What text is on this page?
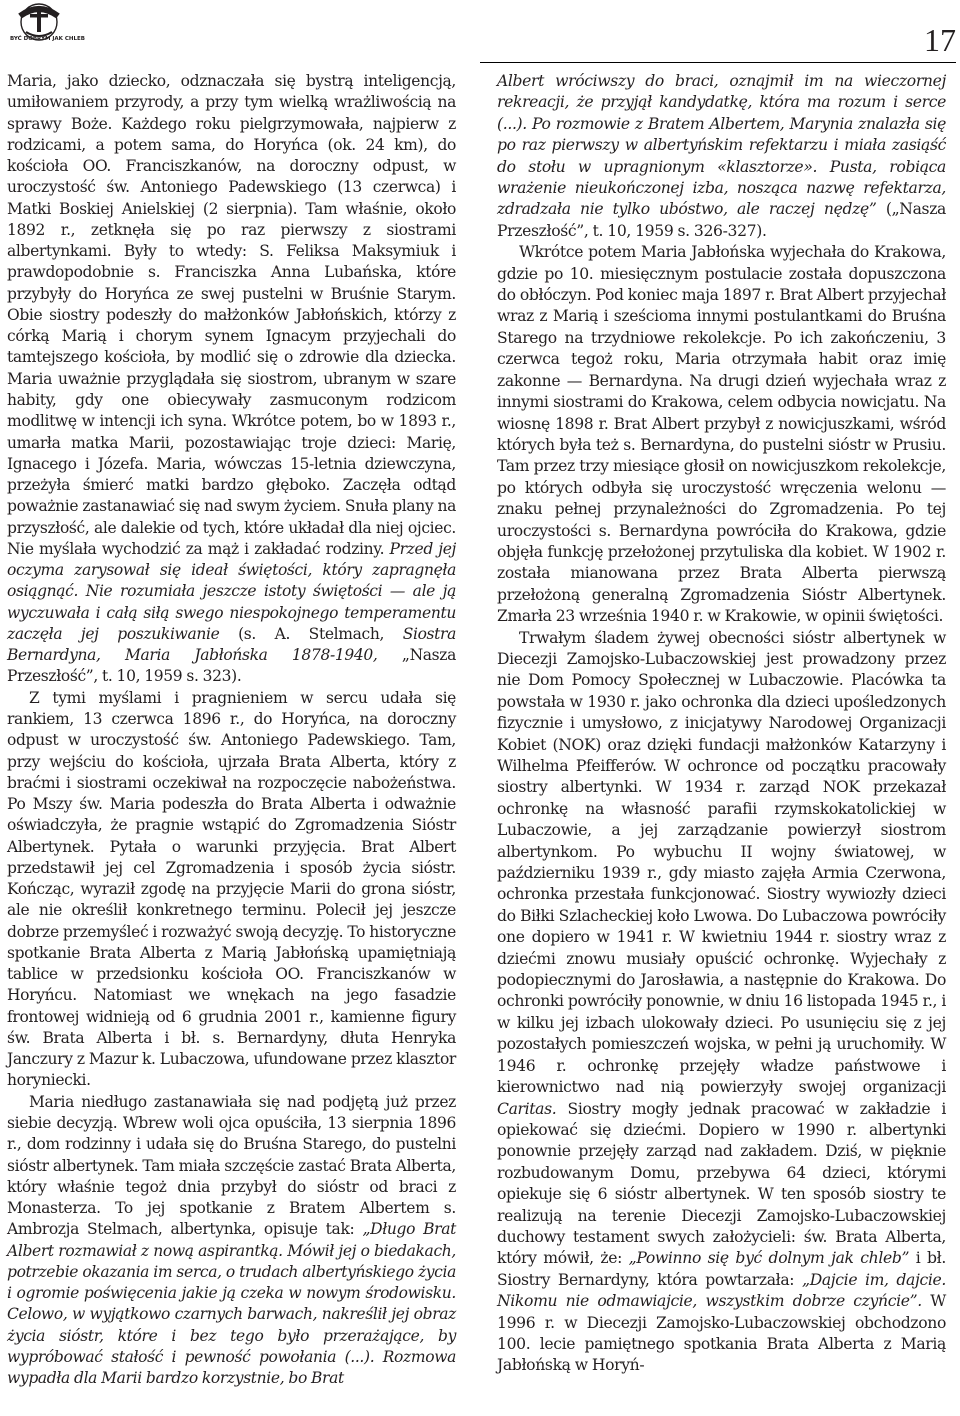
BYĆ DOBRYM JAK CHLEB	17

Maria, jako dziecko, odznaczała się bystrą inteligencją, umiłowaniem przyrody, a przy tym wielką wrażliwością na sprawy Boże. Każdego roku pielgrzymowała, najpierw z rodzicami, a potem sama, do Horyńca (ok. 24 km), do kościoła OO. Franciszkanów, na doroczny odpust, w uroczystość św. Antoniego Padewskiego (13 czerwca) i Matki Boskiej Anielskiej (2 sierpnia). Tam właśnie, około 1892 r., zetknęła się po raz pierwszy z siostrami albertynkami. Były to wtedy: S. Feliksa Maksymiuk i prawdopodobnie s. Franciszka Anna Lubańska, które przybyły do Horyńca ze swej pustelni w Bruśnie Starym. Obie siostry podeszły do małżonków Jabłońskich, którzy z córką Marią i chorym synem Ignacym przyjechali do tamtejszego kościoła, by modlić się o zdrowie dla dziecka. Maria uważnie przyglądała się siostrom, ubranym w szare habity, gdy one obiecywały zasmuconym rodzicom modlitwę w intencji ich syna. Wkrótce potem, bo w 1893 r., umarła matka Marii, pozostawiając troje dzieci: Marię, Ignacego i Józefa. Maria, wówczas 15-letnia dziewczyna, przeżyła śmierć matki bardzo głęboko. Zaczęła odtąd poważnie zastanawiać się nad swym życiem. Snuła plany na przyszłość, ale dalekie od tych, które układał dla niej ojciec. Nie myślała wychodzić za mąż i zakładać rodziny. Przed jej oczyma zarysował się ideał świętości, który zapragnęła osiągnąć. Nie rozumiała jeszcze istoty świętości — ale ją wyczuwała i całą siłą swego niespokojnego temperamentu zaczęła jej poszukiwanie (s. A. Stelmach, Siostra Bernardyna, Maria Jabłońska 1878-1940, „Nasza Przeszłość”, t. 10, 1959 s. 323).

Z tymi myślami i pragnieniem w sercu udała się rankiem, 13 czerwca 1896 r., do Horyńca, na doroczny odpust w uroczystość św. Antoniego Padewskiego. Tam, przy wejściu do kościoła, ujrzała Brata Alberta, który z braćmi i siostrami oczekiwał na rozpoczęcie nabożeństwa. Po Mszy św. Maria podeszła do Brata Alberta i odważnie oświadczyła, że pragnie wstąpić do Zgromadzenia Sióstr Albertynek. Pytała o warunki przyjęcia. Brat Albert przedstawił jej cel Zgromadzenia i sposób życia sióstr. Kończąc, wyraził zgodę na przyjęcie Marii do grona sióstr, ale nie określił konkretnego terminu. Polecił jej jeszcze dobrze przemyśleć i rozważyć swoją decyzję. To historyczne spotkanie Brata Alberta z Marią Jabłońską upamiętniają tablice w przedsionku kościoła OO. Franciszkanów w Horyńcu. Natomiast we wnękach na jego fasadzie frontowej widnieją od 6 grudnia 2001 r., kamienne figury św. Brata Alberta i bł. s. Bernardyny, dłuta Henryka Janczury z Mazur k. Lubaczowa, ufundowane przez klasztor horyniecki.

Maria niedługo zastanawiała się nad podjętą już przez siebie decyzją. Wbrew woli ojca opuściła, 13 sierpnia 1896 r., dom rodzinny i udała się do Bruśna Starego, do pustelni sióstr albertynek. Tam miała szczęście zastać Brata Alberta, który właśnie tegoż dnia przybył do sióstr od braci z Monasterza. To jej spotkanie z Bratem Albertem s. Ambrozja Stelmach, albertynka, opisuje tak: „Długo Brat Albert rozmawiał z nową aspirantką. Mówił jej o biedakach, potrzebie okazania im serca, o trudach albertyńskiego życia i ogromie poświęcenia jakie ją czeka w nowym środowisku. Celowo, w wyjątkowo czarnych barwach, nakreślił jej obraz życia sióstr, które i bez tego było przerażające, by wypróbować stałość i pewność powołania (...). Rozmowa wypadła dla Marii bardzo korzystnie, bo Brat

Albert wróciwszy do braci, oznajmił im na wieczornej rekreacji, że przyjął kandydatkę, która ma rozum i serce (...). Po rozmowie z Bratem Albertem, Marynia znalazła się po raz pierwszy w albertyńskim refektarzu i miała zasiąść do stołu w upragnionym «klasztorze». Pusta, robiąca wrażenie nieukończonej izba, nosząca nazwę refektarza, zdradzała nie tylko ubóstwo, ale raczej nędzę” („Nasza Przeszłość”, t. 10, 1959 s. 326-327).

Wkrótce potem Maria Jabłońska wyjechała do Krakowa, gdzie po 10. miesięcznym postulacie została dopuszczona do obłóczyn. Pod koniec maja 1897 r. Brat Albert przyjechał wraz z Marią i sześcioma innymi postulantkami do Bruśna Starego na trzydniowe rekolekcje. Po ich zakończeniu, 3 czerwca tegoż roku, Maria otrzymała habit oraz imię zakonne — Bernardyna. Na drugi dzień wyjechała wraz z innymi siostrami do Krakowa, celem odbycia nowicjatu. Na wiosnę 1898 r. Brat Albert przybył z nowicjuszkami, wśród których była też s. Bernardyna, do pustelni sióstr w Prusiu. Tam przez trzy miesiące głosił on nowicjuszkom rekolekcje, po których odbyła się uroczystość wręczenia welonu — znaku pełnej przynależności do Zgromadzenia. Po tej uroczystości s. Bernardyna powróciła do Krakowa, gdzie objęła funkcję przełożonej przytuliska dla kobiet. W 1902 r. została mianowana przez Brata Alberta pierwszą przełożoną generalną Zgromadzenia Sióstr Albertynek. Zmarła 23 września 1940 r. w Krakowie, w opinii świętości.

Trwałym śladem żywej obecności sióstr albertynek w Diecezji Zamojsko-Lubaczowskiej jest prowadzony przez nie Dom Pomocy Społecznej w Lubaczowie. Placówka ta powstała w 1930 r. jako ochronka dla dzieci upośledzonych fizycznie i umysłowo, z inicjatywy Narodowej Organizacji Kobiet (NOK) oraz dzięki fundacji małżonków Katarzyny i Wilhelma Pfeifferów. W ochronce od początku pracowały siostry albertynki. W 1934 r. zarząd NOK przekazał ochronkę na własność parafii rzymskokatolickiej w Lubaczowie, a jej zarządzanie powierzył siostrom albertynkom. Po wybuchu II wojny światowej, w październiku 1939 r., gdy miasto zajęła Armia Czerwona, ochronka przestała funkcjonować. Siostry wywiozły dzieci do Biłki Szlacheckiej koło Lwowa. Do Lubaczowa powróciły one dopiero w 1941 r. W kwietniu 1944 r. siostry wraz z dziećmi znowu musiały opuścić ochronkę. Wyjechały z podopiecznymi do Jarosławia, a następnie do Krakowa. Do ochronki powróciły ponownie, w dniu 16 listopada 1945 r., i w kilku jej izbach ulokowały dzieci. Po usunięciu się z jej pozostałych pomieszczeń wojska, w pełni ją uruchomiły. W 1946 r. ochronkę przejęły władze państwowe i kierownictwo nad nią powierzyły swojej organizacji Caritas. Siostry mogły jednak pracować w zakładzie i opiekować się dziećmi. Dopiero w 1990 r. albertynki ponownie przejęły zarząd nad zakładem. Dziś, w pięknie rozbudowanym Domu, przebywa 64 dzieci, którymi opiekuje się 6 sióstr albertynek. W ten sposób siostry te realizują na terenie Diecezji Zamojsko-Lubaczowskiej duchowy testament swych założycieli: św. Brata Alberta, który mówił, że: „Powinno się być dolnym jak chleb” i bł. Siostry Bernardyny, która powtarzała: „Dajcie im, dajcie. Nikomu nie odmawiajcie, wszystkim dobrze czyńcie”. W 1996 r. w Diecezji Zamojsko-Lubaczowskiej obchodzono 100. lecie pamiętnego spotkania Brata Alberta z Marią Jabłońską w Horyń-
